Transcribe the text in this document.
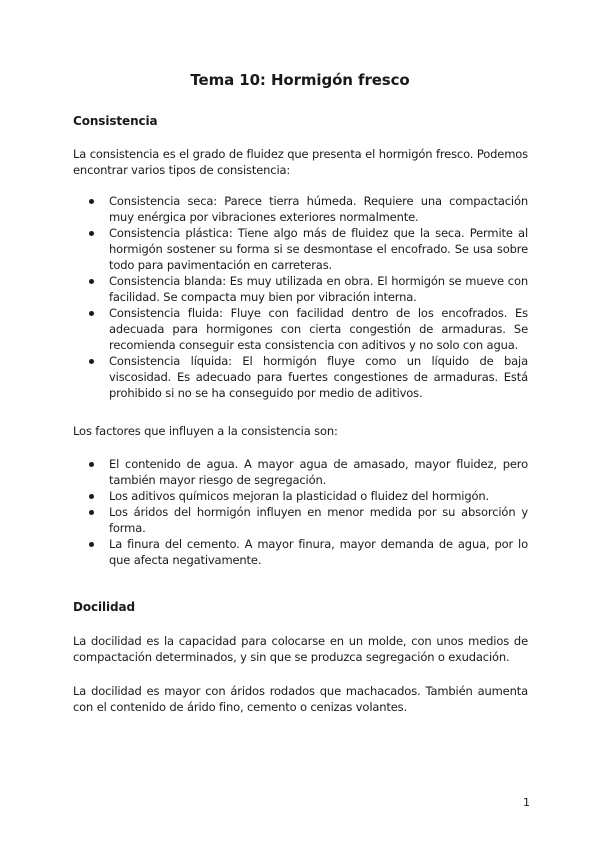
Tema 10: Hormigón fresco
Consistencia

La consistencia es el grado de fluidez que presenta el hormigón fresco. Podemos encontrar varios tipos de consistencia:

Consistencia seca: Parece tierra húmeda. Requiere una compactación muy enérgica por vibraciones exteriores normalmente.
Consistencia plástica: Tiene algo más de fluidez que la seca. Permite al hormigón sostener su forma si se desmontase el encofrado. Se usa sobre todo para pavimentación en carreteras.
Consistencia blanda: Es muy utilizada en obra. El hormigón se mueve con facilidad. Se compacta muy bien por vibración interna.
Consistencia fluida: Fluye con facilidad dentro de los encofrados. Es adecuada para hormigones con cierta congestión de armaduras. Se recomienda conseguir esta consistencia con aditivos y no solo con agua.
Consistencia líquida: El hormigón fluye como un líquido de baja viscosidad. Es adecuado para fuertes congestiones de armaduras. Está prohibido si no se ha conseguido por medio de aditivos.

Los factores que influyen a la consistencia son:

El contenido de agua. A mayor agua de amasado, mayor fluidez, pero también mayor riesgo de segregación.
Los aditivos químicos mejoran la plasticidad o fluidez del hormigón.
Los áridos del hormigón influyen en menor medida por su absorción y forma.
La finura del cemento. A mayor finura, mayor demanda de agua, por lo que afecta negativamente.
Docilidad

La docilidad es la capacidad para colocarse en un molde, con unos medios de compactación determinados, y sin que se produzca segregación o exudación.

La docilidad es mayor con áridos rodados que machacados. También aumenta con el contenido de árido fino, cemento o cenizas volantes.

1
